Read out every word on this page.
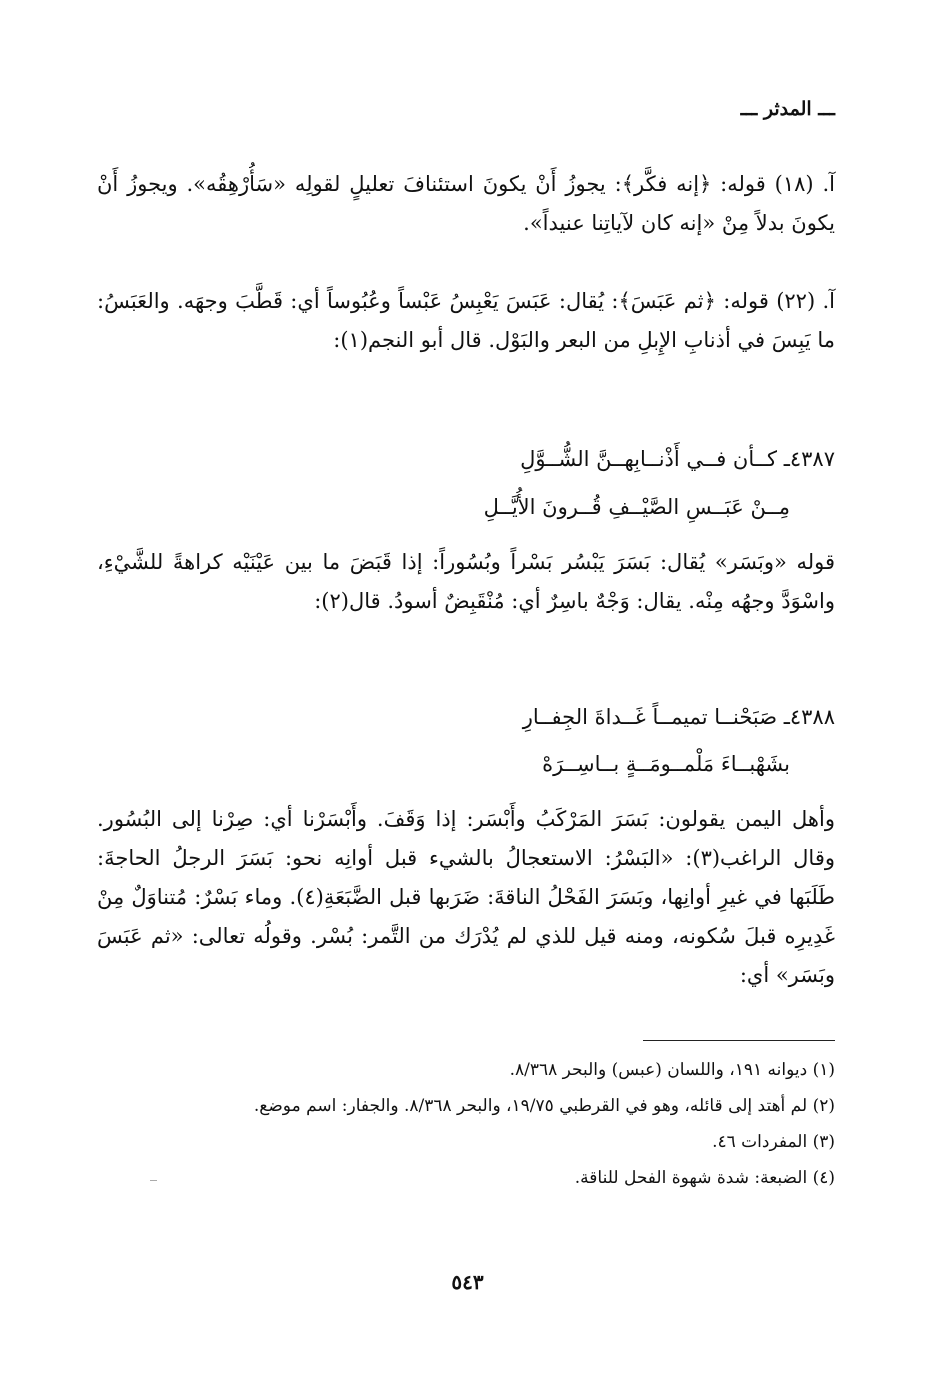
ـــ المدثر ـــ
آ. (١٨) قوله: ﴿إنه فكَّر﴾: يجوزُ أَنْ يكونَ استئنافَ تعليلٍ لقولِه «سَأُرْهِقُه». ويجوزُ أَنْ يكونَ بدلاً مِنْ «إنه كان لآياتِنا عنيداً».
آ. (٢٢) قوله: ﴿ثم عَبَسَ﴾: يُقال: عَبَسَ يَعْبِسُ عَبْساً وعُبُوساً أي: قَطَّبَ وجهَه. والعَبَسُ: ما يَبِسَ في أذنابِ الإِبلِ من البعر والبَوْل. قال أبو النجم(١):
٤٣٨٧ـ كــأن فــي أَذْنــابِهــنَّ الشُّــوَّلِ
مِــنْ عَبَــسِ الصَّيْــفِ قُــرونَ الأُيَّــلِ
قوله «وبَسَر» يُقال: بَسَرَ يَبْسُر بَسْراً وبُسُوراً: إذا قَبَضَ ما بين عَيْنَيْه كراهةً للشَّيْءِ، واسْوَدَّ وجهُه مِنْه. يقال: وَجْهٌ باسِرٌ أي: مُنْقَبِضٌ أسودُ. قال(٢):
٤٣٨٨ـ صَبَحْنــا تميمــاً غَــداةَ الجِفــارِ
بشَهْبــاءَ مَلْمــومَــةٍ بــاسِــرَهْ
وأهل اليمن يقولون: بَسَرَ المَرْكَبُ وأَبْسَر: إذا وَقَفَ. وأَبْسَرْنا أي: صِرْنا إلى البُسُور. وقال الراغب(٣): «البَسْرُ: الاستعجالُ بالشيء قبل أوانِه نحو: بَسَرَ الرجلُ الحاجةَ: طَلَبَها في غيرِ أوانِها، وبَسَرَ الفَحْلُ الناقةَ: ضَرَبها قبل الضَّبَعَةِ(٤). وماء بَسْرٌ: مُتناوَلٌ مِنْ غَدِيرِه قبلَ سُكونه، ومنه قيل للذي لم يُدْرَك من التَّمر: بُسْر. وقولُه تعالى: «ثم عَبَسَ وبَسَر» أي:
(١) ديوانه ١٩١، واللسان (عبس) والبحر ٨/٣٦٨.
(٢) لم أهتد إلى قائله، وهو في القرطبي ١٩/٧٥، والبحر ٨/٣٦٨. والجفار: اسم موضع.
(٣) المفردات ٤٦.
(٤) الضبعة: شدة شهوة الفحل للناقة.
٥٤٣
